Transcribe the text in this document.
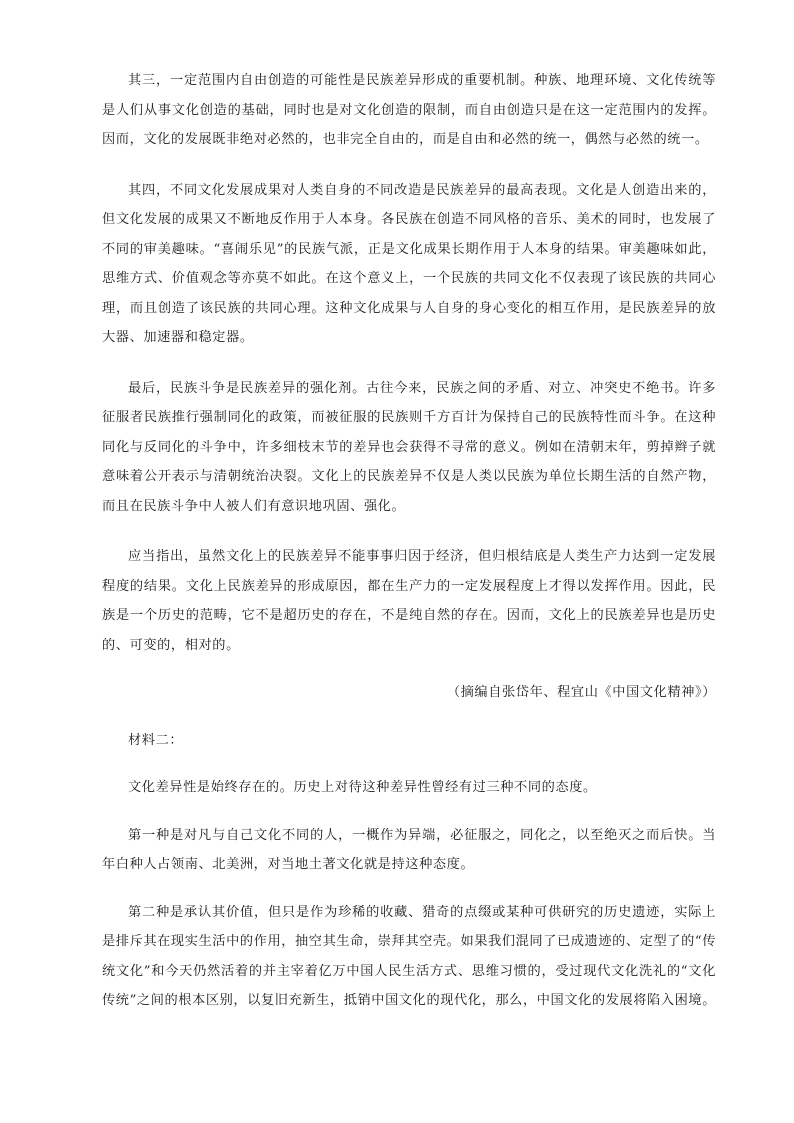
其三，一定范围内自由创造的可能性是民族差异形成的重要机制。种族、地理环境、文化传统等是人们从事文化创造的基础，同时也是对文化创造的限制，而自由创造只是在这一定范围内的发挥。因而，文化的发展既非绝对必然的，也非完全自由的，而是自由和必然的统一，偶然与必然的统一。

其四，不同文化发展成果对人类自身的不同改造是民族差异的最高表现。文化是人创造出来的，但文化发展的成果又不断地反作用于人本身。各民族在创造不同风格的音乐、美术的同时，也发展了不同的审美趣味。“喜闹乐见”的民族气派，正是文化成果长期作用于人本身的结果。审美趣味如此，思维方式、价值观念等亦莫不如此。在这个意义上，一个民族的共同文化不仅表现了该民族的共同心理，而且创造了该民族的共同心理。这种文化成果与人自身的身心变化的相互作用，是民族差异的放大器、加速器和稳定器。

最后，民族斗争是民族差异的强化剂。古往今来，民族之间的矛盾、对立、冲突史不绝书。许多征服者民族推行强制同化的政策，而被征服的民族则千方百计为保持自己的民族特性而斗争。在这种同化与反同化的斗争中，许多细枝末节的差异也会获得不寻常的意义。例如在清朝末年，剪掉辫子就意味着公开表示与清朝统治决裂。文化上的民族差异不仅是人类以民族为单位长期生活的自然产物，而且在民族斗争中人被人们有意识地巩固、强化。

应当指出，虽然文化上的民族差异不能事事归因于经济，但归根结底是人类生产力达到一定发展程度的结果。文化上民族差异的形成原因，都在生产力的一定发展程度上才得以发挥作用。因此，民族是一个历史的范畴，它不是超历史的存在，不是纯自然的存在。因而，文化上的民族差异也是历史的、可变的，相对的。

（摘编自张岱年、程宜山《中国文化精神》）

材料二：

文化差异性是始终存在的。历史上对待这种差异性曾经有过三种不同的态度。

第一种是对凡与自己文化不同的人，一概作为异端，必征服之，同化之，以至绝灭之而后快。当年白种人占领南、北美洲，对当地土著文化就是持这种态度。

第二种是承认其价值，但只是作为珍稀的收藏、猎奇的点缀或某种可供研究的历史遗迹，实际上是排斥其在现实生活中的作用，抽空其生命，崇拜其空壳。如果我们混同了已成遗迹的、定型了的“传统文化”和今天仍然活着的并主宰着亿万中国人民生活方式、思维习惯的，受过现代文化洗礼的“文化传统”之间的根本区别，以复旧充新生，抵销中国文化的现代化，那么，中国文化的发展将陷入困境。
